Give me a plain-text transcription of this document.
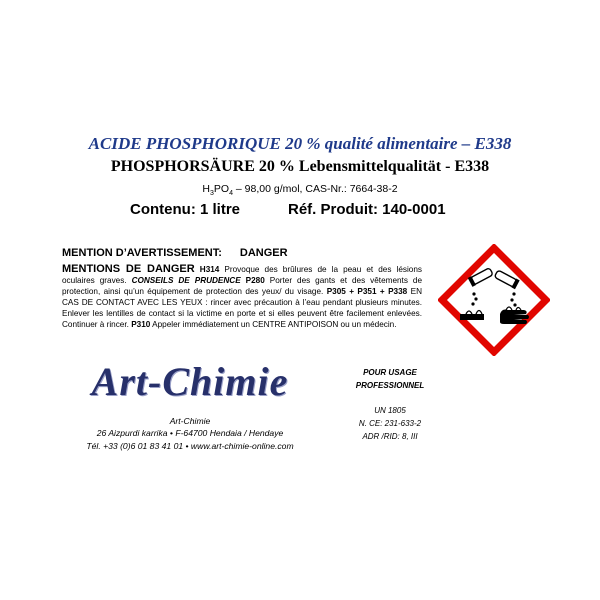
ACIDE PHOSPHORIQUE 20 % qualité alimentaire – E338
PHOSPHORSÄURE 20 % Lebensmittelqualität - E338
$H_3PO_4 - 98,00$ g/mol, CAS-Nr.: 7664-38-2
Contenu: 1 litre	Réf. Produit: 140-0001
MENTION D’AVERTISSEMENT: DANGER
MENTIONS DE DANGER H314 Provoque des brûlures de la peau et des lésions oculaires graves. CONSEILS DE PRUDENCE P280 Porter des gants et des vêtements de protection, ainsi qu’un équipement de protection des yeux/ du visage. P305 + P351 + P338 EN CAS DE CONTACT AVEC LES YEUX : rincer avec précaution à l’eau pendant plusieurs minutes. Enlever les lentilles de contact si la victime en porte et si elles peuvent être facilement enlevées. Continuer à rincer. P310 Appeler immédiatement un CENTRE ANTIPOISON ou un médecin.
Art-Chimie
Art-Chimie
26 Aizpurdi karrika • F-64700 Hendaia / Hendaye
Tél. +33 (0)6 01 83 41 01 • www.art-chimie-online.com
POUR USAGE
PROFESSIONNEL
UN 1805
N. CE: 231-633-2
ADR /RID: 8, III
